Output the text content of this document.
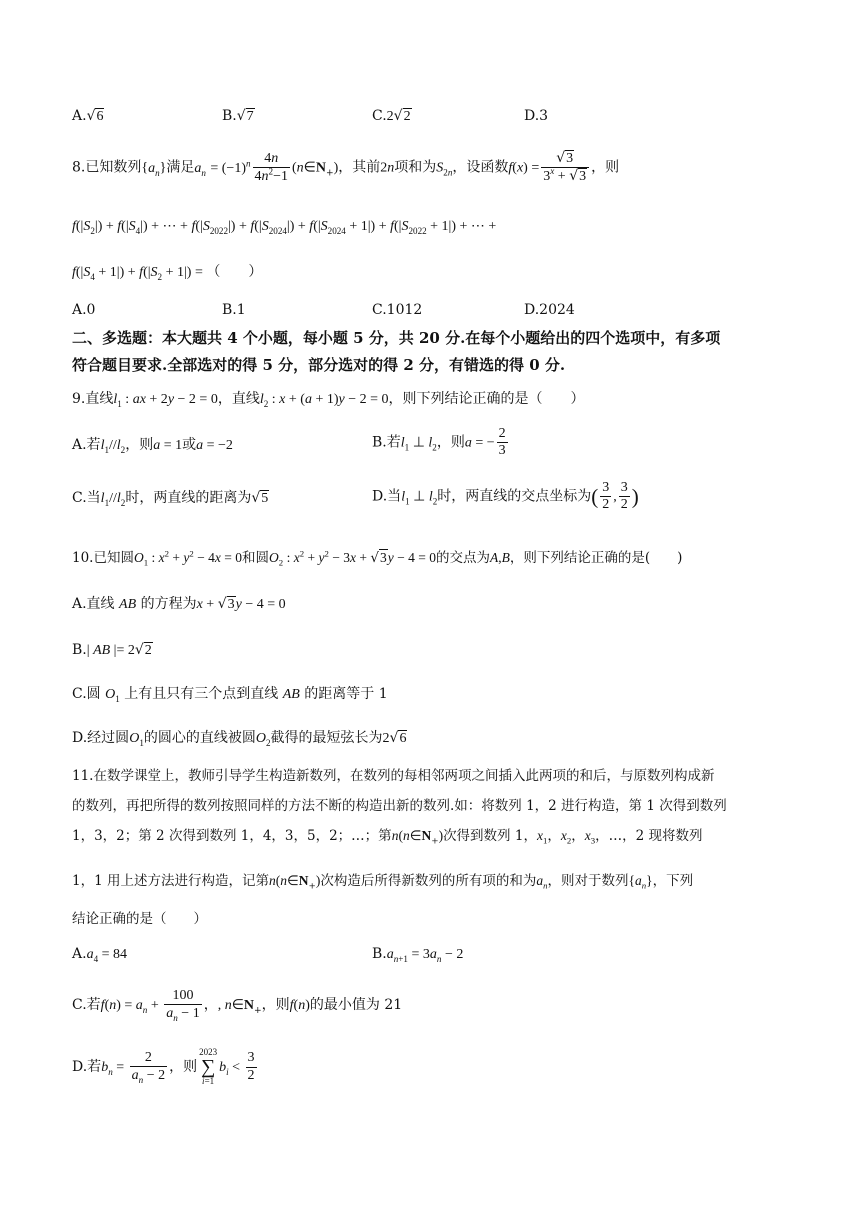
A.√6	B.√7	C.2√2	D.3
8.已知数列$\{a_n\}$满足$a_n = (-1)^n \frac{4n}{4n^2-1}$ $(n\in N_+)$，其前2n项和为$S_{2n}$，设函数$f(x) = \frac{√3}{3^x + √3}$ ，则
$f(|S_2|) + f(|S_4|)$ + ⋯ + $f(|S_{2022}|) + f(|S_{2024}|) + f(|S_{2024} + 1|) + f(|S_{2022} + 1|)$ + ⋯ +
$f(|S_4 + 1|) + f(|S_2 + 1|)$ = （　　）
A.0	B.1	C.1012	D.2024
二、多选题：本大题共 4 个小题，每小题 5 分，共 20 分.在每个小题给出的四个选项中，有多项
符合题目要求.全部选对的得 5 分，部分选对的得 2 分，有错选的得 0 分.
9.直线$l_1$ : ax + 2y − 2 = 0，直线$l_2$ : x + (a + 1)y − 2 = 0，则下列结论正确的是（　　）
A.若$l_1//l_2$，则a = 1或a = −2	B.若$l_1$ ⊥ $l_2$，则a = − $\frac{2}{3}$
C.当$l_1//l_2$时，两直线的距离为√5	D.当$l_1$ ⊥ $l_2$时，两直线的交点坐标为( $\frac{3}{2}$ , $\frac{3}{2}$ )
10.已知圆$O_1$ : $x^2 + y^2 - 4x = 0$和圆$O_2$ : $x^2 + y^2 - 3x + √3y - 4 = 0$的交点为A,B，则下列结论正确的是(　　)
A.直线 AB 的方程为x + √3y − 4 = 0
B.| AB |= 2√2
C.圆 $O_1$ 上有且只有三个点到直线 AB 的距离等于 1
D.经过圆$O_1$的圆心的直线被圆$O_2$截得的最短弦长为2√6
11.在数学课堂上，教师引导学生构造新数列，在数列的每相邻两项之间插入此两项的和后，与原数列构成新
的数列，再把所得的数列按照同样的方法不断的构造出新的数列.如：将数列 1，2 进行构造，第 1 次得到数列
1，3，2；第 2 次得到数列 1，4，3，5，2；…；第$n(n\in N_+)$次得到数列 1，$x_1$，$x_2$，$x_3$，…，2 现将数列
1，1 用上述方法进行构造，记第$n(n\in N_+)$次构造后所得新数列的所有项的和为$a_n$，则对于数列$\{a_n\}$，下列
结论正确的是（　　）
$A.a_4 = 84$	$B.a_{n+1} = 3a_n - 2$
C.若$f(n) = a_n + \frac{100}{a_n - 1}$ ，, $n\in N_+$，则f(n)的最小值为 21
D.若$b_n = \frac{2}{a_n - 2}$ ，则
2023
∑
i=1
$b_i < \frac{3}{2}$
